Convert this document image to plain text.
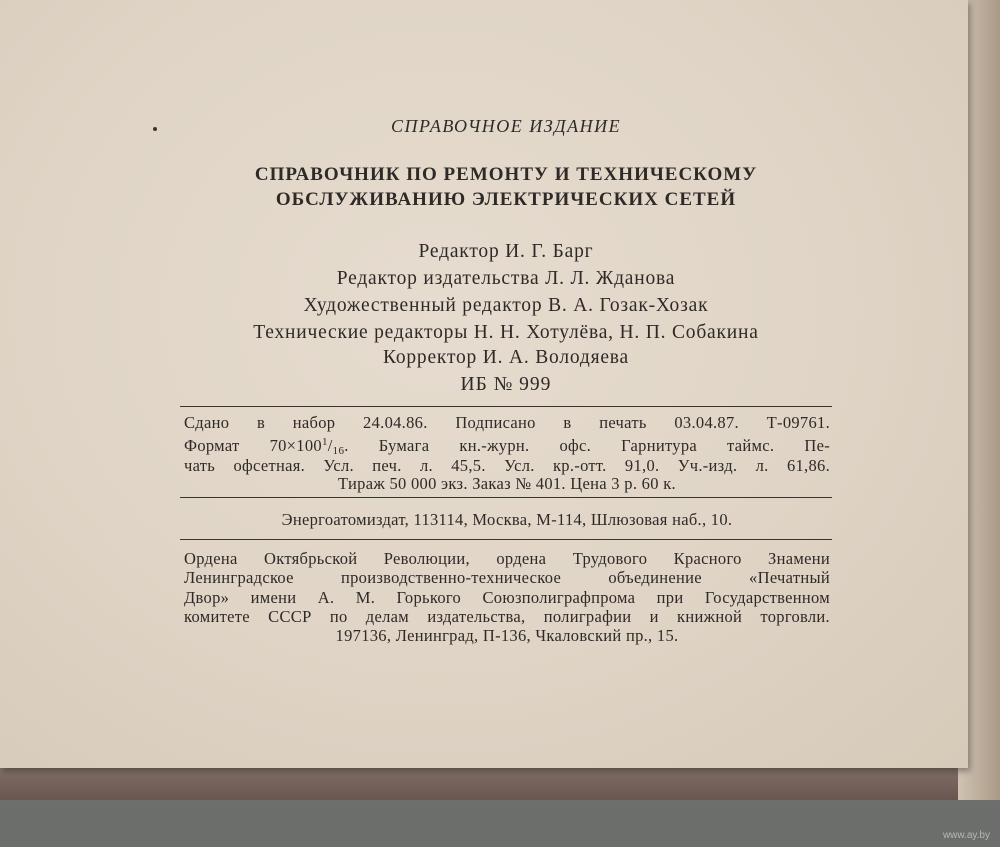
СПРАВОЧНОЕ ИЗДАНИЕ
СПРАВОЧНИК ПО РЕМОНТУ И ТЕХНИЧЕСКОМУ
ОБСЛУЖИВАНИЮ ЭЛЕКТРИЧЕСКИХ СЕТЕЙ
Редактор И. Г. Барг
Редактор издательства Л. Л. Жданова
Художественный редактор В. А. Гозак-Хозак
Технические редакторы Н. Н. Хотулёва, Н. П. Собакина
Корректор И. А. Володяева
ИБ № 999
Сдано в набор 24.04.86. Подписано в печать 03.04.87. Т-09761.
Формат $70\times 100^1/_{16}$. Бумага кн.-журн. офс. Гарнитура таймс. Пе-
чать офсетная. Усл. печ. л. 45,5. Усл. кр.-отт. 91,0. Уч.-изд. л. 61,86.
Тираж 50 000 экз. Заказ № 401. Цена 3 р. 60 к.
Энергоатомиздат, 113114, Москва, М-114, Шлюзовая наб., 10.
Ордена Октябрьской Революции, ордена Трудового Красного Знамени
Ленинградское производственно-техническое объединение «Печатный
Двор» имени А. М. Горького Союзполиграфпрома при Государственном
комитете СССР по делам издательства, полиграфии и книжной торговли.
197136, Ленинград, П-136, Чкаловский пр., 15.
www.ay.by
